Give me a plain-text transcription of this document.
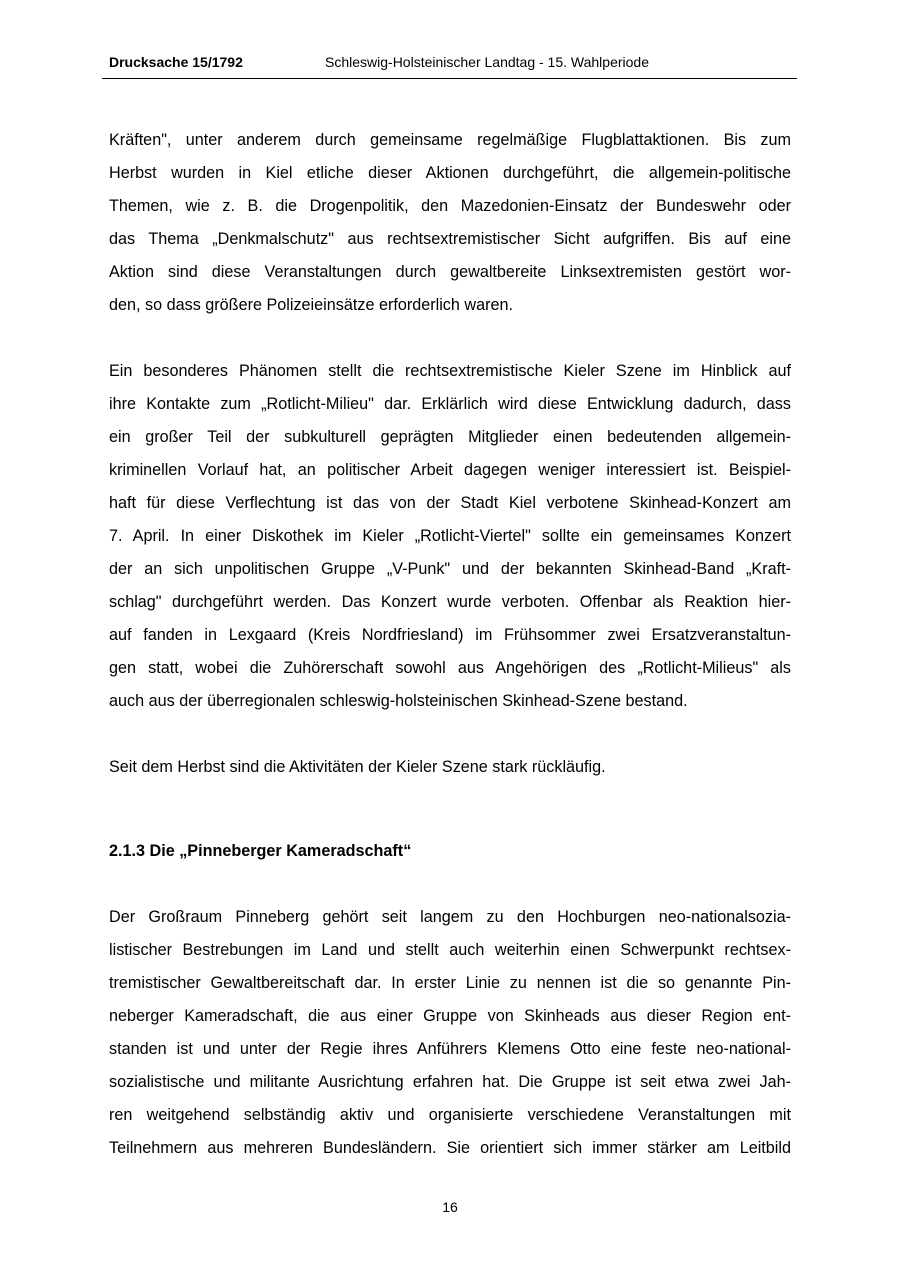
Drucksache 15/1792	Schleswig-Holsteinischer Landtag - 15. Wahlperiode

Kräften", unter anderem durch gemeinsame regelmäßige Flugblattaktionen. Bis zum
Herbst wurden in Kiel etliche dieser Aktionen durchgeführt, die allgemein-politische
Themen, wie z. B. die Drogenpolitik, den Mazedonien-Einsatz der Bundeswehr oder
das Thema „Denkmalschutz" aus rechtsextremistischer Sicht aufgriffen. Bis auf eine
Aktion sind diese Veranstaltungen durch gewaltbereite Linksextremisten gestört wor-
den, so dass größere Polizeieinsätze erforderlich waren.

Ein besonderes Phänomen stellt die rechtsextremistische Kieler Szene im Hinblick auf
ihre Kontakte zum „Rotlicht-Milieu" dar. Erklärlich wird diese Entwicklung dadurch, dass
ein großer Teil der subkulturell geprägten Mitglieder einen bedeutenden allgemein-
kriminellen Vorlauf hat, an politischer Arbeit dagegen weniger interessiert ist. Beispiel-
haft für diese Verflechtung ist das von der Stadt Kiel verbotene Skinhead-Konzert am
7. April. In einer Diskothek im Kieler „Rotlicht-Viertel" sollte ein gemeinsames Konzert
der an sich unpolitischen Gruppe „V-Punk" und der bekannten Skinhead-Band „Kraft-
schlag" durchgeführt werden. Das Konzert wurde verboten. Offenbar als Reaktion hier-
auf fanden in Lexgaard (Kreis Nordfriesland) im Frühsommer zwei Ersatzveranstaltun-
gen statt, wobei die Zuhörerschaft sowohl aus Angehörigen des „Rotlicht-Milieus" als
auch aus der überregionalen schleswig-holsteinischen Skinhead-Szene bestand.

Seit dem Herbst sind die Aktivitäten der Kieler Szene stark rückläufig.

2.1.3 Die „Pinneberger Kameradschaft“

Der Großraum Pinneberg gehört seit langem zu den Hochburgen neo-nationalsozia-
listischer Bestrebungen im Land und stellt auch weiterhin einen Schwerpunkt rechtsex-
tremistischer Gewaltbereitschaft dar. In erster Linie zu nennen ist die so genannte Pin-
neberger Kameradschaft, die aus einer Gruppe von Skinheads aus dieser Region ent-
standen ist und unter der Regie ihres Anführers Klemens Otto eine feste neo-national-
sozialistische und militante Ausrichtung erfahren hat. Die Gruppe ist seit etwa zwei Jah-
ren weitgehend selbständig aktiv und organisierte verschiedene Veranstaltungen mit
Teilnehmern aus mehreren Bundesländern. Sie orientiert sich immer stärker am Leitbild

16
